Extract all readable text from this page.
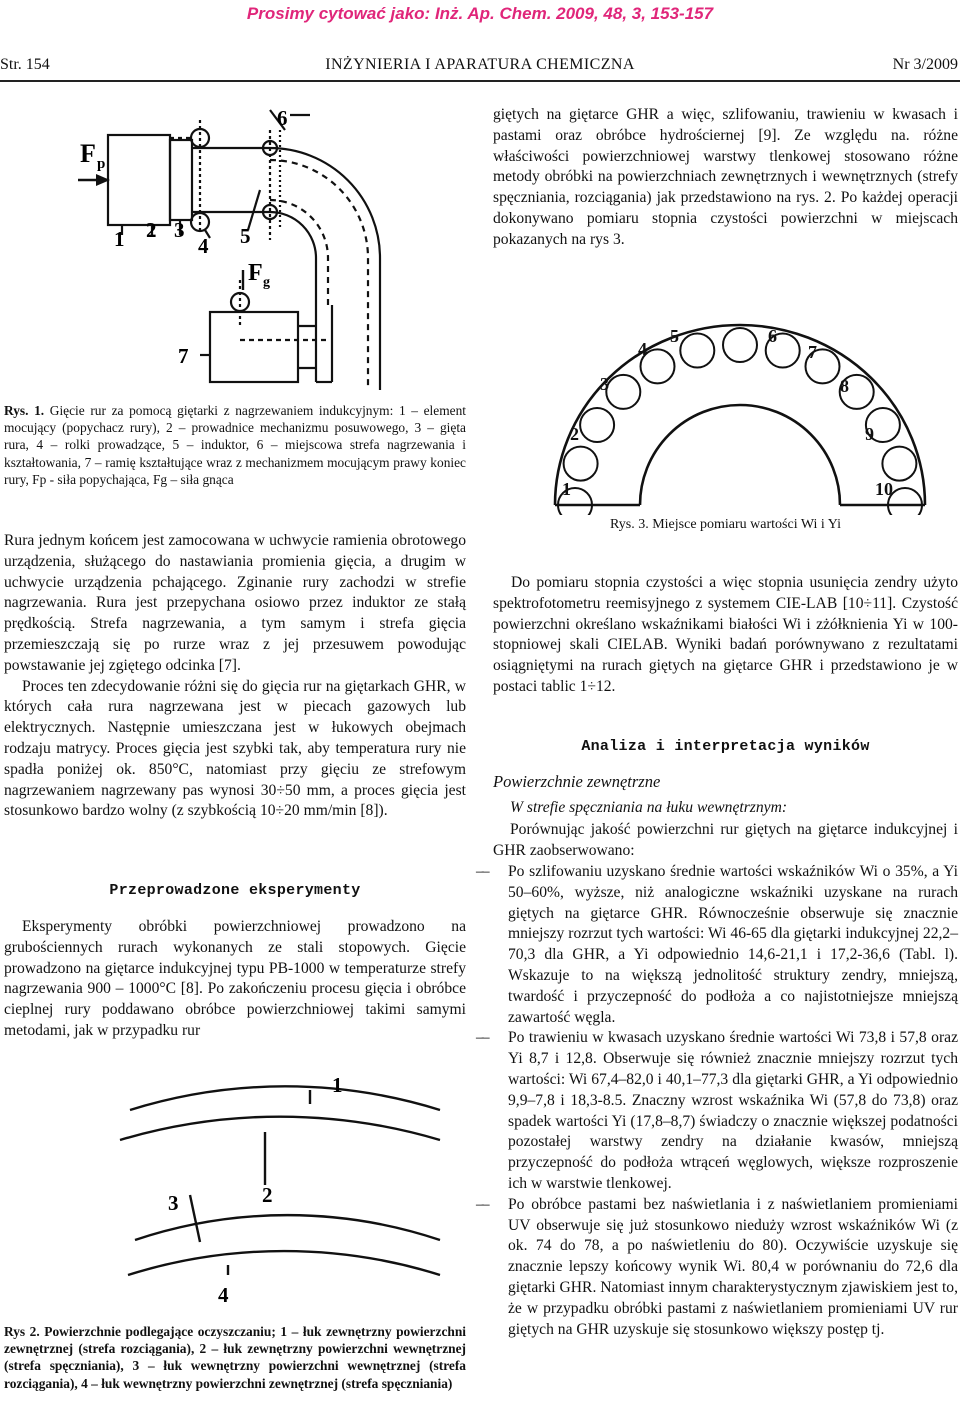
Prosimy cytować jako: Inż. Ap. Chem. 2009, 48, 3, 153-157
Str. 154	INŻYNIERIA I APARATURA CHEMICZNA	Nr 3/2009
F p
1 2 3
4 5
6
F g
7
Rys. 1. Gięcie rur za pomocą giętarki z nagrzewaniem indukcyjnym: 1 – element mocujący (popychacz rury), 2 – prowadnice mechanizmu posuwowego, 3 – gięta rura, 4 – rolki prowadzące, 5 – induktor, 6 – miejscowa strefa nagrzewania i kształtowania, 7 – ramię kształtujące wraz z mechanizmem mocującym prawy koniec rury, Fp - siła popychająca, Fg – siła gnąca

Rura jednym końcem jest zamocowana w uchwycie ramienia obrotowego urządzenia, służącego do nastawiania promienia gięcia, a drugim w uchwycie urządzenia pchającego. Zginanie rury zachodzi w strefie nagrzewania. Rura jest przepychana osiowo przez induktor ze stałą prędkością. Strefa nagrzewania, a tym samym i strefa gięcia przemieszczają się po rurze wraz z jej przesuwem powodując powstawanie jej zgiętego odcinka [7].

Proces ten zdecydowanie różni się do gięcia rur na giętarkach GHR, w których cała rura nagrzewana jest w piecach gazowych lub elektrycznych. Następnie umieszczana jest w łukowych obejmach rodzaju matrycy. Proces gięcia jest szybki tak, aby temperatura rury nie spadła poniżej ok. 850°C, natomiast przy gięciu ze strefowym nagrzewaniem nagrzewany pas wynosi 30÷50 mm, a proces gięcia jest stosunkowo bardzo wolny (z szybkością 10÷20 mm/min [8]).

Przeprowadzone eksperymenty
Eksperymenty obróbki powierzchniowej prowadzono na grubościennych rurach wykonanych ze stali stopowych. Gięcie prowadzono na giętarce indukcyjnej typu PB-1000 w temperaturze strefy nagrzewania 900 – 1000°C [8]. Po zakończeniu procesu gięcia i obróbce cieplnej rury poddawano obróbce powierzchniowej takimi samymi metodami, jak w przypadku rur
1
2
3
4
Rys 2. Powierzchnie podlegające oczyszczaniu; 1 – łuk zewnętrzny powierzchni zewnętrznej (strefa rozciągania), 2 – łuk zewnętrzny powierzchni wewnętrznej (strefa spęczniania), 3 – łuk wewnętrzny powierzchni wewnętrznej (strefa rozciągania), 4 – łuk wewnętrzny powierzchni zewnętrznej (strefa spęczniania)
giętych na giętarce GHR a więc, szlifowaniu, trawieniu w kwasach i pastami oraz obróbce hydrościernej [9]. Ze względu na. różne właściwości powierzchniowej warstwy tlenkowej stosowano różne metody obróbki na powierzchniach zewnętrznych i wewnętrznych (strefy spęczniania, rozciągania) jak przedstawiono na rys. 2. Po każdej operacji dokonywano pomiaru stopnia czystości powierzchni w miejscach pokazanych na rys 3.
1
2
3
4
5	6
7
8
9
10
Rys. 3. Miejsce pomiaru wartości Wi i Yi
Do pomiaru stopnia czystości a więc stopnia usunięcia zendry użyto spektrofotometru reemisyjnego z systemem CIE-LAB [10÷11]. Czystość powierzchni określano wskaźnikami białości Wi i zżółknienia Yi w 100-stopniowej skali CIELAB. Wyniki badań porównywano z rezultatami osiągniętymi na rurach giętych na giętarce GHR i przedstawiono je w postaci tablic 1÷12.
Analiza i interpretacja wyników
Powierzchnie zewnętrzne
W strefie spęczniania na łuku wewnętrznym:
Porównując jakość powierzchni rur giętych na giętarce indukcyjnej i GHR zaobserwowano:
–– Po szlifowaniu uzyskano średnie wartości wskaźników Wi o 35%, a Yi 50–60%, wyższe, niż analogiczne wskaźniki uzyskane na rurach giętych na giętarce GHR. Równocześnie obserwuje się znacznie mniejszy rozrzut tych wartości: Wi 46-65 dla giętarki indukcyjnej 22,2–70,3 dla GHR, a Yi odpowiednio 14,6-21,1 i 17,2-36,6 (Tabl. l). Wskazuje to na większą jednolitość struktury zendry, mniejszą, twardość i przyczepność do podłoża a co najistotniejsze mniejszą zawartość węgla.
–– Po trawieniu w kwasach uzyskano średnie wartości Wi 73,8 i 57,8 oraz Yi 8,7 i 12,8. Obserwuje się również znacznie mniejszy rozrzut tych wartości: Wi 67,4–82,0 i 40,1–77,3 dla giętarki GHR, a Yi odpowiednio 9,9–7,8 i 18,3-8.5. Znaczny wzrost wskaźnika Wi (57,8 do 73,8) oraz spadek wartości Yi (17,8–8,7) świadczy o znacznie większej podatności pozostałej warstwy zendry na działanie kwasów, mniejszą przyczepność do podłoża wtrąceń węglowych, większe rozproszenie ich w warstwie tlenkowej.
–– Po obróbce pastami bez naświetlania i z naświetlaniem promieniami UV obserwuje się już stosunkowo nieduży wzrost wskaźników Wi (z ok. 74 do 78, a po naświetleniu do 80). Oczywiście uzyskuje się znacznie lepszy końcowy wynik Wi. 80,4 w porównaniu do 72,6 dla giętarki GHR. Natomiast innym charakterystycznym zjawiskiem jest to, że w przypadku obróbki pastami z naświetlaniem promieniami UV rur giętych na GHR uzyskuje się stosunkowo większy postęp tj.
